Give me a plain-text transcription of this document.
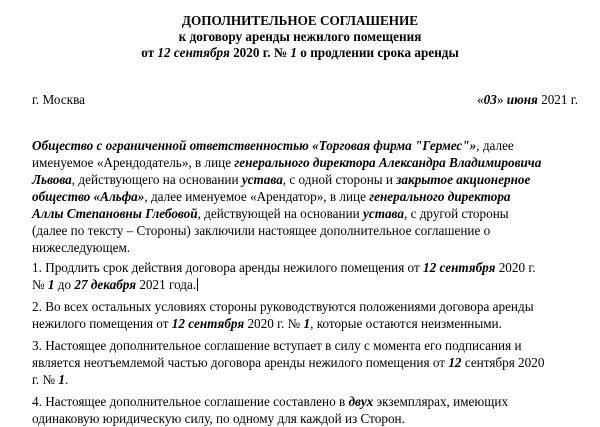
ДОПОЛНИТЕЛЬНОЕ СОГЛАШЕНИЕ
к договору аренды нежилого помещения
от 12 сентября 2020 г. № 1 о продлении срока аренды
г. Москва	«03» июня 2021 г.
Общество с ограниченной ответственностью «Торговая фирма "Гермес"», далее
именуемое «Арендодатель», в лице генерального директора Александра Владимировича
Львова, действующего на основании устава, с одной стороны и закрытое акционерное
общество «Альфа», далее именуемое «Арендатор», в лице генерального директора
Аллы Степановны Глебовой, действующей на основании устава, с другой стороны
(далее по тексту – Стороны) заключили настоящее дополнительное соглашение о
нижеследующем.
1. Продлить срок действия договора аренды нежилого помещения от 12 сентября 2020 г.
№ 1 до 27 декабря 2021 года.
2. Во всех остальных условиях стороны руководствуются положениями договора аренды
нежилого помещения от 12 сентября 2020 г. № 1, которые остаются неизменными.
3. Настоящее дополнительное соглашение вступает в силу с момента его подписания и
является неотъемлемой частью договора аренды нежилого помещения от 12 сентября 2020
г. № 1.
4. Настоящее дополнительное соглашение составлено в двух экземплярах, имеющих
одинаковую юридическую силу, по одному для каждой из Сторон.
